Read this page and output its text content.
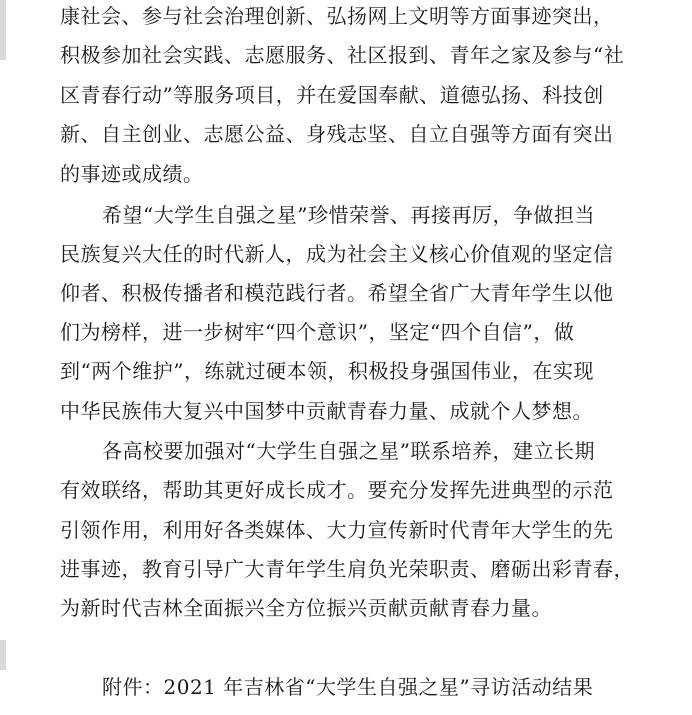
康社会、参与社会治理创新、弘扬网上文明等方面事迹突出，
积极参加社会实践、志愿服务、社区报到、青年之家及参与“社
区青春行动”等服务项目，并在爱国奉献、道德弘扬、科技创
新、自主创业、志愿公益、身残志坚、自立自强等方面有突出
的事迹或成绩。
希望“大学生自强之星”珍惜荣誉、再接再厉，争做担当
民族复兴大任的时代新人，成为社会主义核心价值观的坚定信
仰者、积极传播者和模范践行者。希望全省广大青年学生以他
们为榜样，进一步树牢“四个意识”，坚定“四个自信”，做
到“两个维护”，练就过硬本领，积极投身强国伟业，在实现
中华民族伟大复兴中国梦中贡献青春力量、成就个人梦想。
各高校要加强对“大学生自强之星”联系培养，建立长期
有效联络，帮助其更好成长成才。要充分发挥先进典型的示范
引领作用，利用好各类媒体、大力宣传新时代青年大学生的先
进事迹，教育引导广大青年学生肩负光荣职责、磨砺出彩青春，
为新时代吉林全面振兴全方位振兴贡献贡献青春力量。
附件：2021 年吉林省“大学生自强之星”寻访活动结果
